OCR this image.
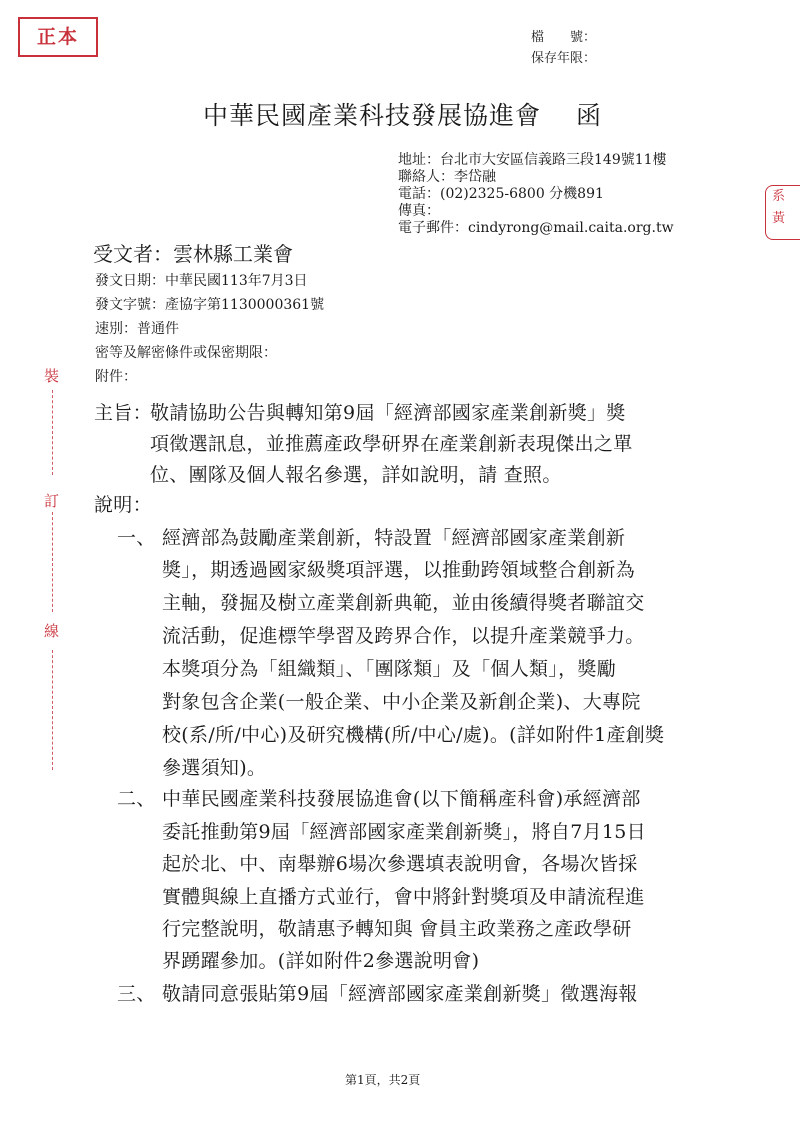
正本	檔　　號：
保存年限：
中華民國產業科技發展協進會　 函
地址：台北市大安區信義路三段149號11樓
聯絡人：李岱融
電話：(02)2325-6800 分機891
傳真：
電子郵件：cindyrong@mail.caita.org.tw
系
黃
受文者：雲林縣工業會
發文日期：中華民國113年7月3日
發文字號：產協字第1130000361號
速別：普通件
密等及解密條件或保密期限：
附件：
裝
訂
線
主旨：
敬請協助公告與轉知第9屆「經濟部國家產業創新獎」獎
項徵選訊息，並推薦產政學研界在產業創新表現傑出之單
位、團隊及個人報名參選，詳如說明，請 查照。
說明：
一、 經濟部為鼓勵產業創新，特設置「經濟部國家產業創新
獎」，期透過國家級獎項評選，以推動跨領域整合創新為
主軸，發掘及樹立產業創新典範，並由後續得獎者聯誼交
流活動，促進標竿學習及跨界合作，以提升產業競爭力。
本獎項分為「組織類」、「團隊類」及「個人類」，獎勵
對象包含企業(一般企業、中小企業及新創企業)、大專院
校(系/所/中心)及研究機構(所/中心/處)。(詳如附件1產創獎
參選須知)。
二、 中華民國產業科技發展協進會(以下簡稱產科會)承經濟部
委託推動第9屆「經濟部國家產業創新獎」，將自7月15日
起於北、中、南舉辦6場次參選填表說明會，各場次皆採
實體與線上直播方式並行，會中將針對獎項及申請流程進
行完整說明，敬請惠予轉知與 會員主政業務之產政學研
界踴躍參加。(詳如附件2參選說明會)
三、 敬請同意張貼第9屆「經濟部國家產業創新獎」徵選海報
第1頁，共2頁
